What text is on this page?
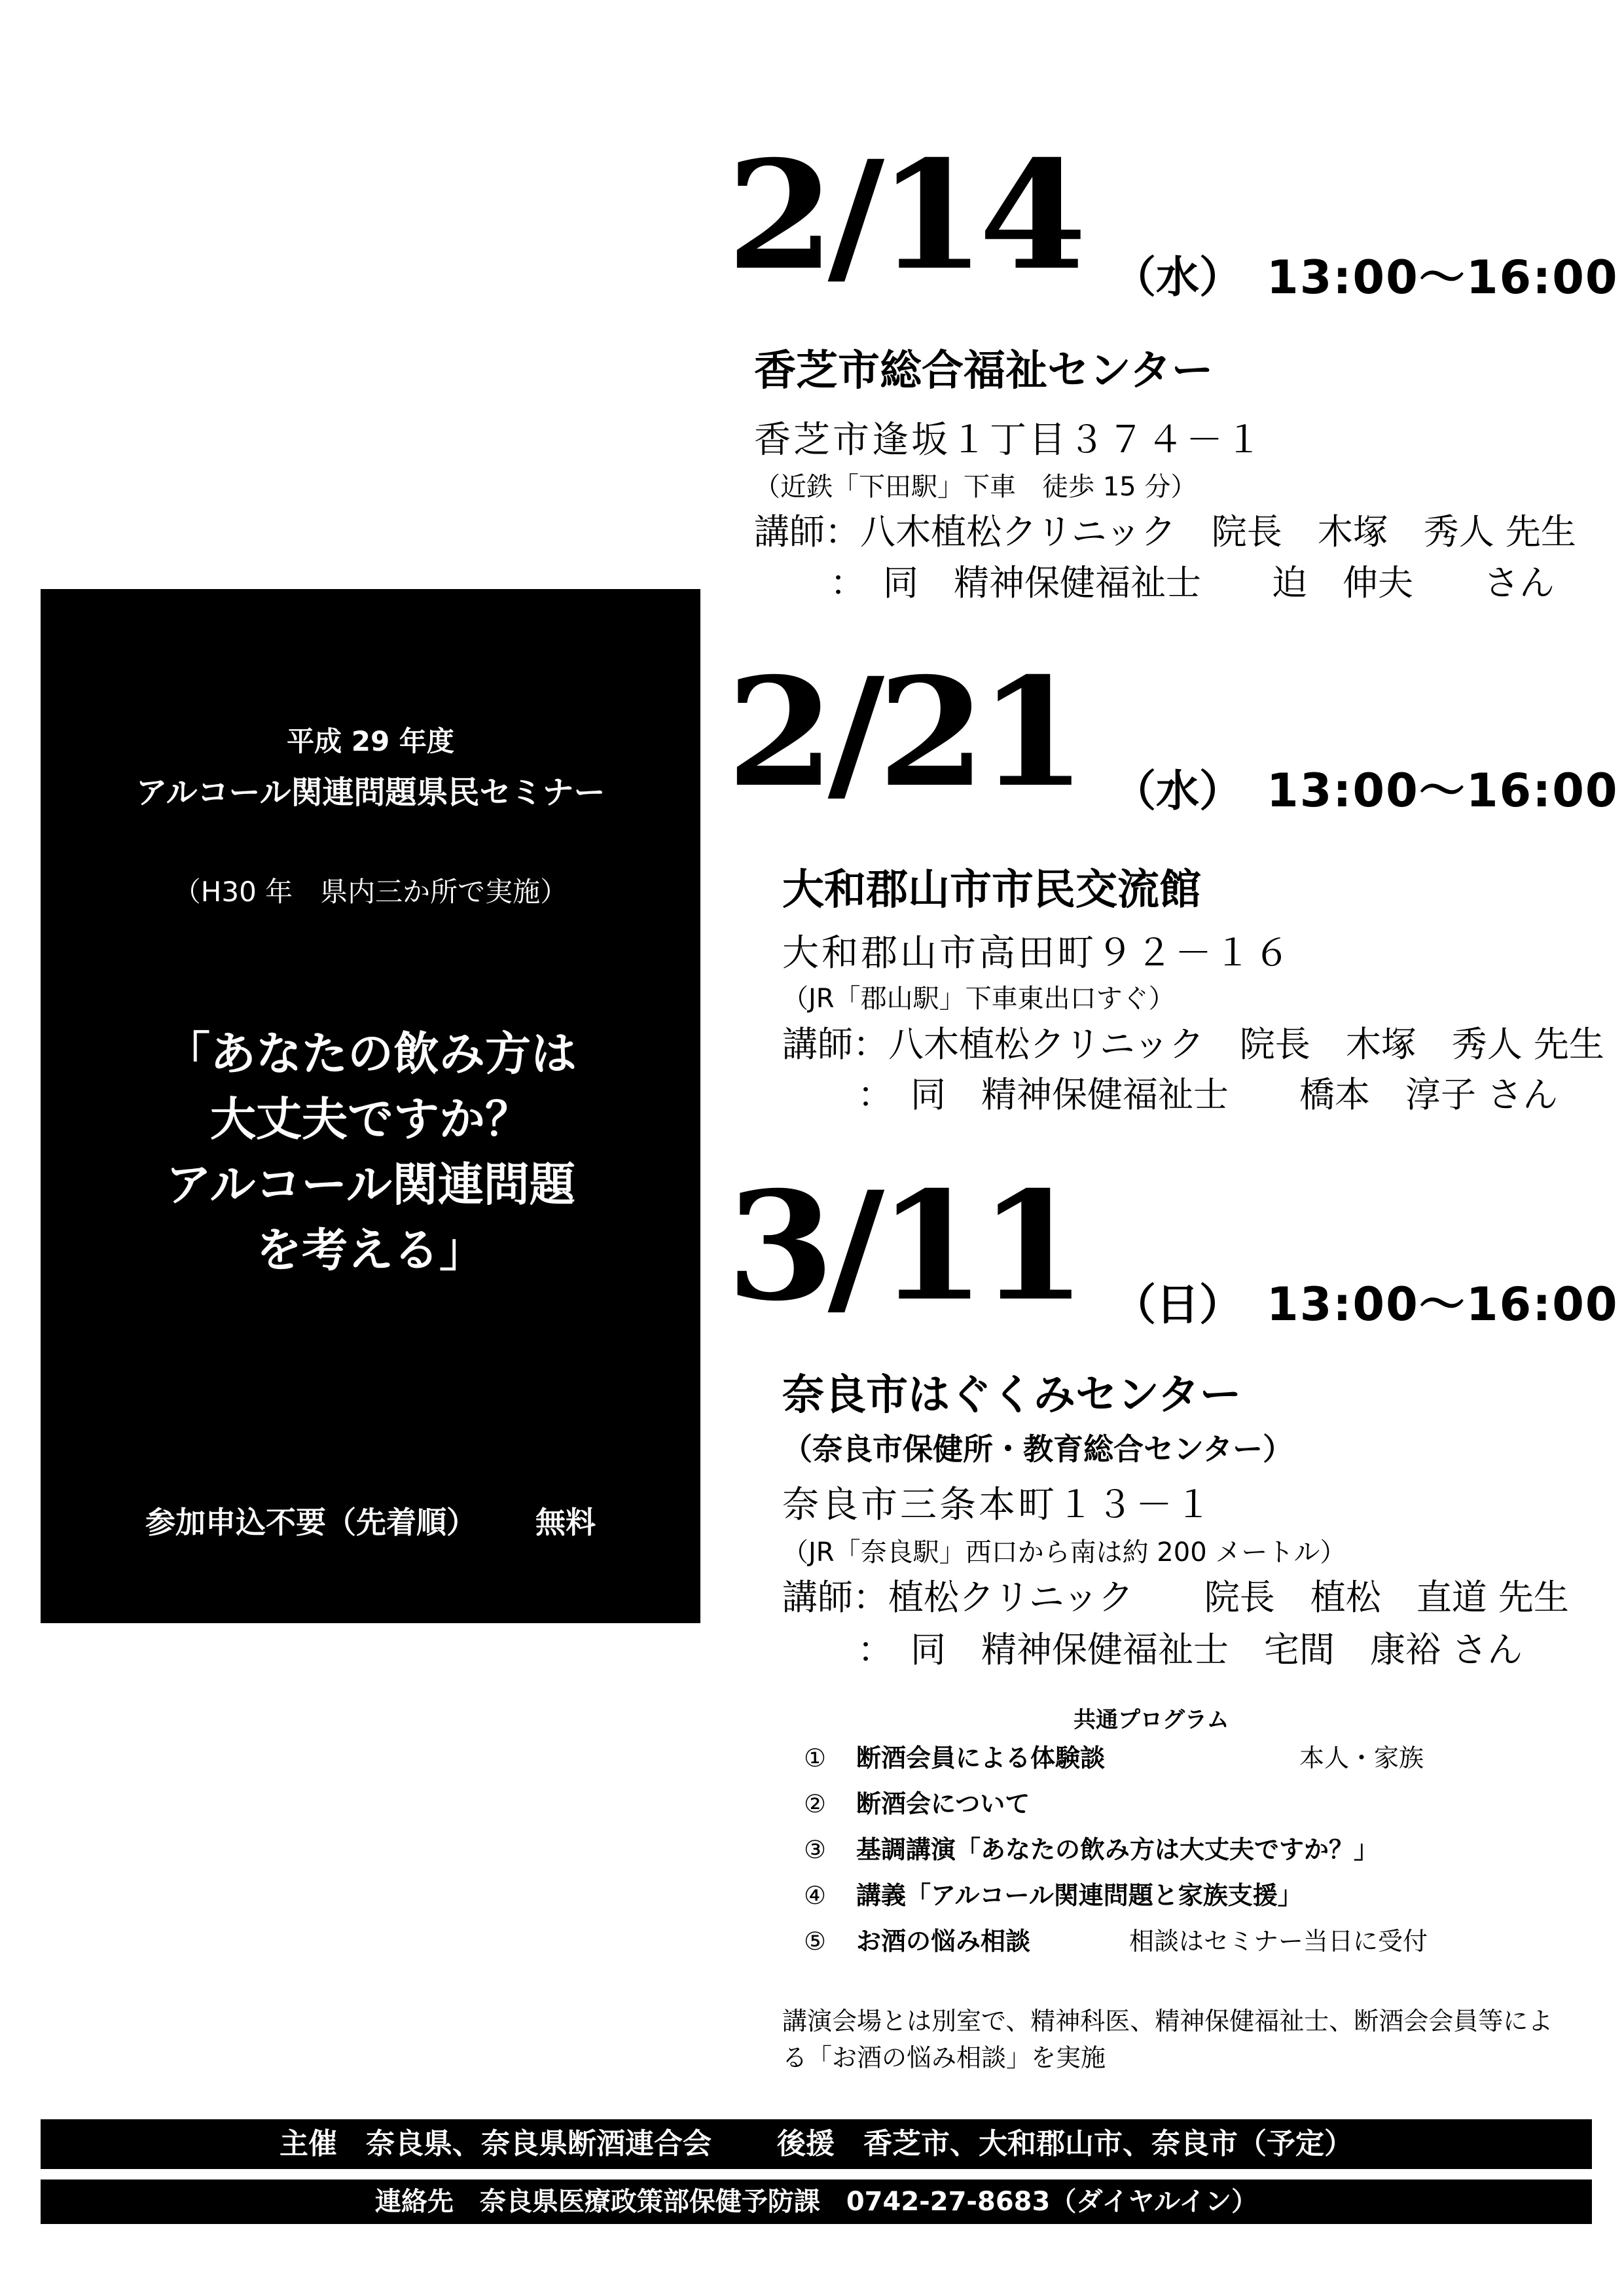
平成 29 年度
アルコール関連問題県民セミナー
（H30 年　県内三か所で実施）
「あなたの飲み方は
大丈夫ですか？
アルコール関連問題
を考える」
参加申込不要（先着順） 無料
2/14 （水） 13:00〜16:00
香芝市総合福祉センター
香芝市逢坂１丁目３７４－１
（近鉄「下田駅」下車　徒歩 15 分）
講師：八木植松クリニック　院長　木塚　秀人 先生
：　同　精神保健福祉士　　迫　伸夫　　さん
2/21 （水） 13:00〜16:00
大和郡山市市民交流館
大和郡山市高田町９２－１６
（JR「郡山駅」下車東出口すぐ）
講師：八木植松クリニック　院長　木塚　秀人 先生
：　同　精神保健福祉士　　橋本　淳子 さん
3/11 （日） 13:00〜16:00
奈良市はぐくみセンター
（奈良市保健所・教育総合センター）
奈良市三条本町１３－１
（JR「奈良駅」西口から南は約 200 メートル）
講師：植松クリニック　　院長　植松　直道 先生
：　同　精神保健福祉士　宅間　康裕 さん
共通プログラム
① 断酒会員による体験談	本人・家族
② 断酒会について
③ 基調講演「あなたの飲み方は大丈夫ですか？」
④ 講義「アルコール関連問題と家族支援」
⑤ お酒の悩み相談	相談はセミナー当日に受付
講演会場とは別室で、精神科医、精神保健福祉士、断酒会会員等による「お酒の悩み相談」を実施
主催　奈良県、奈良県断酒連合会 後援　香芝市、大和郡山市、奈良市（予定）
連絡先　奈良県医療政策部保健予防課　0742-27-8683（ダイヤルイン）
